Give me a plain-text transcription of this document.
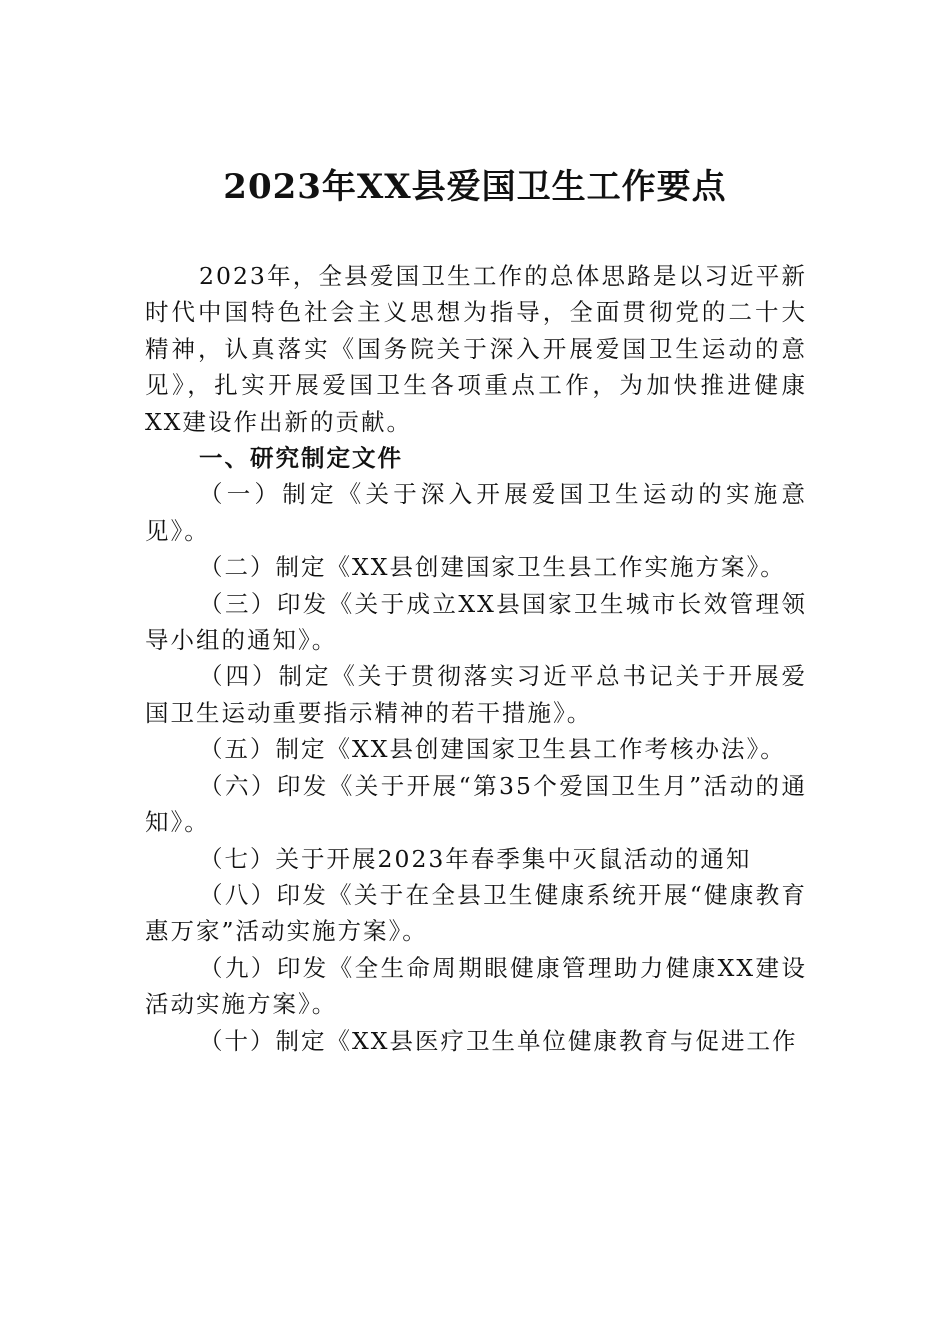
2023年XX县爱国卫生工作要点

2023年，全县爱国卫生工作的总体思路是以习近平新时代中国特色社会主义思想为指导，全面贯彻党的二十大精神，认真落实《国务院关于深入开展爱国卫生运动的意见》，扎实开展爱国卫生各项重点工作，为加快推进健康XX建设作出新的贡献。

一、研究制定文件

（一）制定《关于深入开展爱国卫生运动的实施意见》。

（二）制定《XX县创建国家卫生县工作实施方案》。

（三）印发《关于成立XX县国家卫生城市长效管理领导小组的通知》。

（四）制定《关于贯彻落实习近平总书记关于开展爱国卫生运动重要指示精神的若干措施》。

（五）制定《XX县创建国家卫生县工作考核办法》。

（六）印发《关于开展“第35个爱国卫生月”活动的通知》。

（七）关于开展2023年春季集中灭鼠活动的通知

（八）印发《关于在全县卫生健康系统开展“健康教育惠万家”活动实施方案》。

（九）印发《全生命周期眼健康管理助力健康XX建设活动实施方案》。

（十）制定《XX县医疗卫生单位健康教育与促进工作
